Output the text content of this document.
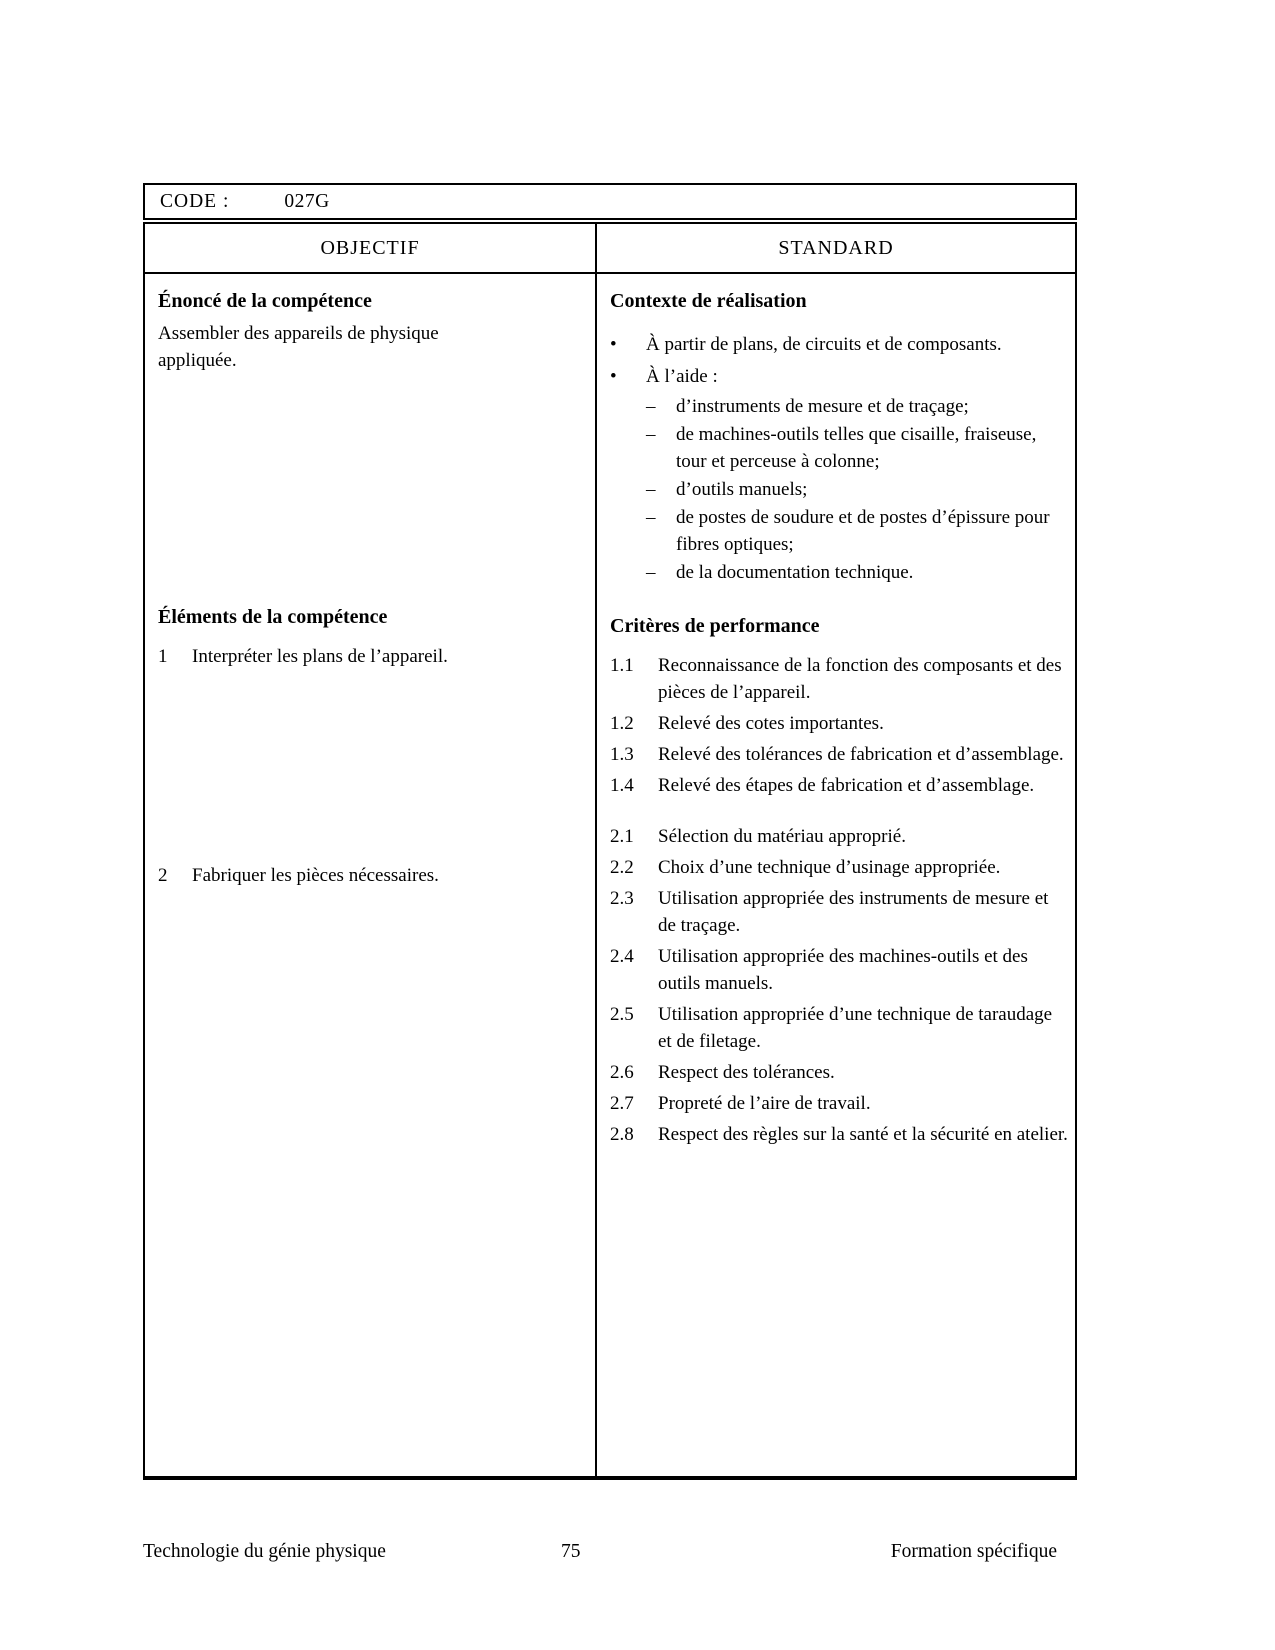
CODE :	027G
OBJECTIF
Énoncé de la compétence

Assembler des appareils de physique appliquée.

Éléments de la compétence
1	Interpréter les plans de l’appareil.
2	Fabriquer les pièces nécessaires.
STANDARD
Contexte de réalisation
•
À partir de plans, de circuits et de composants.
•
À l’aide :
–
d’instruments de mesure et de traçage;
–
de machines-outils telles que cisaille, fraiseuse, tour et perceuse à colonne;
–
d’outils manuels;
–
de postes de soudure et de postes d’épissure pour fibres optiques;
–
de la documentation technique.
Critères de performance
1.1	Reconnaissance de la fonction des composants et des pièces de l’appareil.
1.2	Relevé des cotes importantes.
1.3	Relevé des tolérances de fabrication et d’assemblage.
1.4	Relevé des étapes de fabrication et d’assemblage.
2.1	Sélection du matériau approprié.
2.2	Choix d’une technique d’usinage appropriée.
2.3	Utilisation appropriée des instruments de mesure et de traçage.
2.4	Utilisation appropriée des machines-outils et des outils manuels.
2.5	Utilisation appropriée d’une technique de taraudage et de filetage.
2.6	Respect des tolérances.
2.7	Propreté de l’aire de travail.
2.8	Respect des règles sur la santé et la sécurité en atelier.
Technologie du génie physique	75	Formation spécifique
